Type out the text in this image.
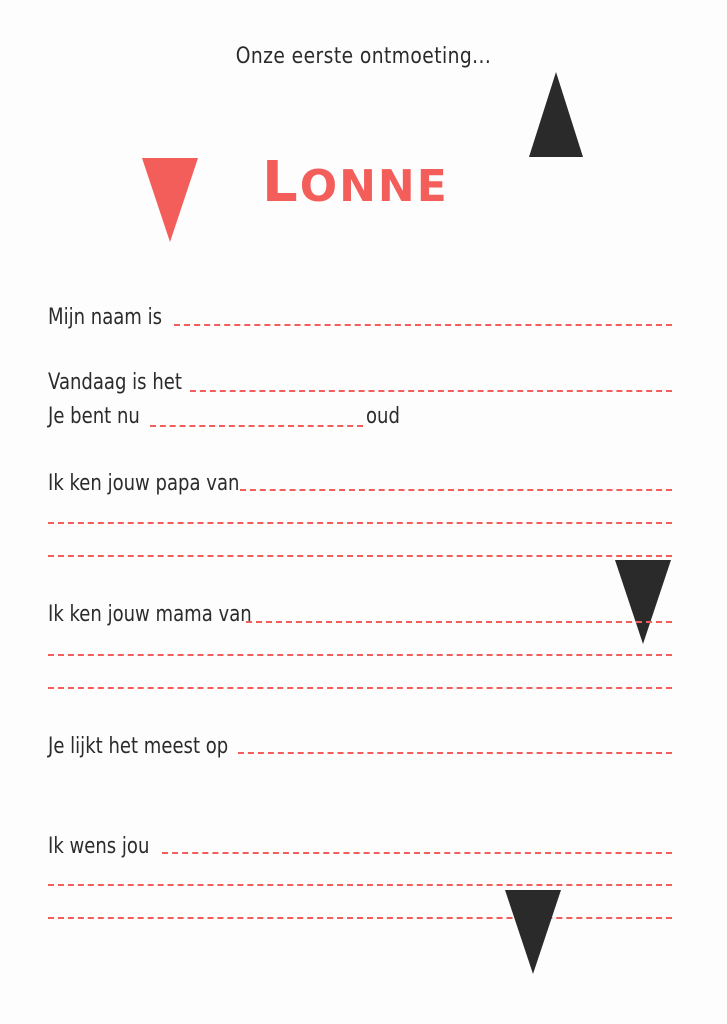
Onze eerste ontmoeting...
LONNE
Mijn naam is
Vandaag is het
Je bent nu	oud
Ik ken jouw papa van
Ik ken jouw mama van
Je lijkt het meest op
Ik wens jou
